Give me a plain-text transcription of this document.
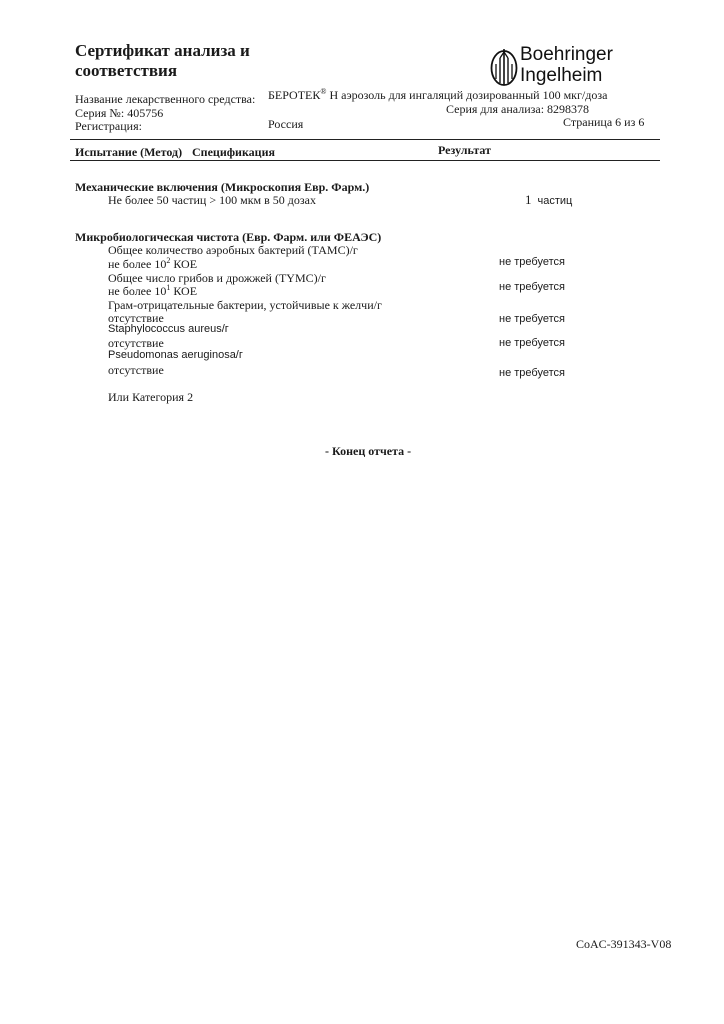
Сертификат анализа и
соответствия
Boehringer
Ingelheim
Название лекарственного средства: БЕРОТЕК® Н аэрозоль для ингаляций дозированный 100 мкг/доза
Серия №: 405756	Серия для анализа: 8298378
Регистрация:	Россия	Страница 6 из 6
Испытание (Метод) Спецификация	Результат
Механические включения (Микроскопия Евр. Фарм.)
Не более 50 частиц > 100 мкм в 50 дозах	1 частиц
Микробиологическая чистота (Евр. Фарм. или ФЕАЭС)
Общее количество аэробных бактерий (ТАМС)/г
не более $10^2$ КОЕ	не требуется
Общее число грибов и дрожжей (TYMC)/г
не более $10^1$ КОЕ	не требуется
Грам-отрицательные бактерии, устойчивые к желчи/г
отсутствие	не требуется
Staphylococcus aureus/г
отсутствие	не требуется
Pseudomonas aeruginosa/г
отсутствие	не требуется
Или Категория 2
- Конец отчета -
CoAC-391343-V08
